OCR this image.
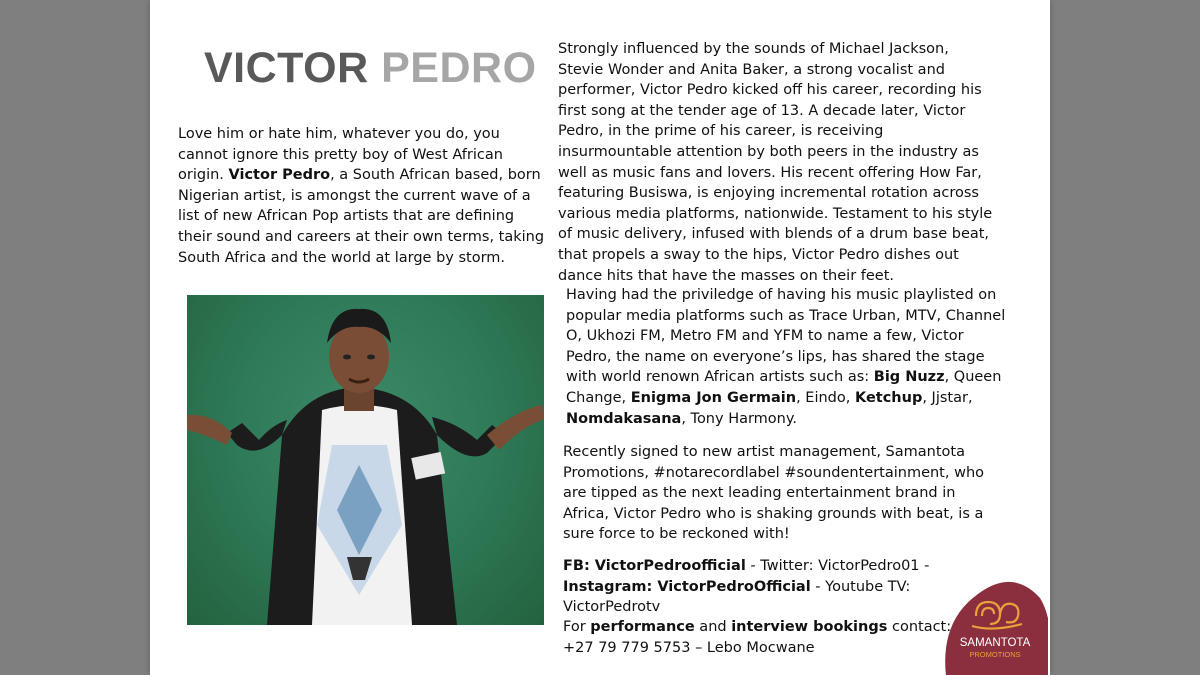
VICTOR PEDRO
Love him or hate him, whatever you do, you cannot ignore this pretty boy of West African origin. Victor Pedro, a South African based, born Nigerian artist, is amongst the current wave of a list of new African Pop artists that are defining their sound and careers at their own terms, taking South Africa and the world at large by storm.
Strongly influenced by the sounds of Michael Jackson, Stevie Wonder and Anita Baker, a strong vocalist and performer, Victor Pedro kicked off his career, recording his first song at the tender age of 13. A decade later, Victor Pedro, in the prime of his career, is receiving insurmountable attention by both peers in the industry as well as music fans and lovers. His recent offering How Far, featuring Busiswa, is enjoying incremental rotation across various media platforms, nationwide. Testament to his style of music delivery, infused with blends of a drum base beat, that propels a sway to the hips, Victor Pedro dishes out dance hits that have the masses on their feet.
Having had the priviledge of having his music playlisted on popular media platforms such as Trace Urban, MTV, Channel O, Ukhozi FM, Metro FM and YFM to name a few, Victor Pedro, the name on everyone’s lips, has shared the stage with world renown African artists such as: Big Nuzz, Queen Change, Enigma Jon Germain, Eindo, Ketchup, Jjstar, Nomdakasana, Tony Harmony.
Recently signed to new artist management, Samantota Promotions, #notarecordlabel #soundentertainment, who are tipped as the next leading entertainment brand in Africa, Victor Pedro who is shaking grounds with beat, is a sure force to be reckoned with!
FB: VictorPedroofficial - Twitter: VictorPedro01 - Instagram: VictorPedroOfficial - Youtube TV: VictorPedrotv
For performance and interview bookings contact:
+27 79 779 5753 – Lebo Mocwane	SAMANTOTA
PROMOTIONS
